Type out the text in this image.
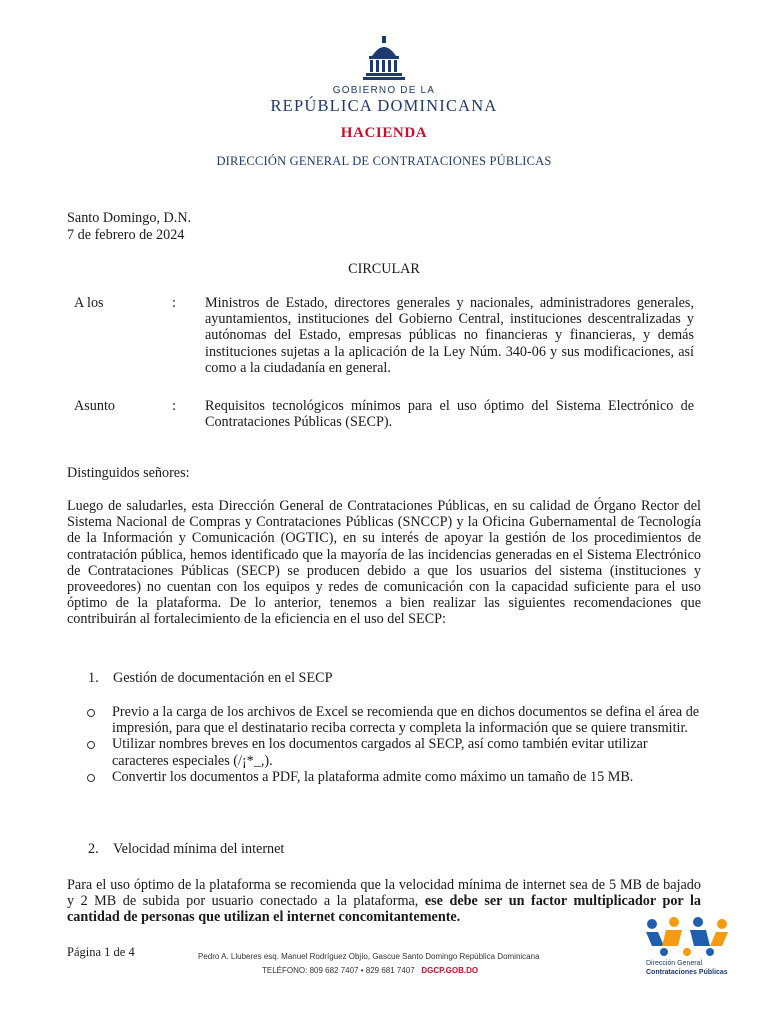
GOBIERNO DE LA
REPÚBLICA DOMINICANA
HACIENDA
DIRECCIÓN GENERAL DE CONTRATACIONES PÚBLICAS
Santo Domingo, D.N.
7 de febrero de 2024
CIRCULAR
A los	: Ministros de Estado, directores generales y nacionales, administradores generales, ayuntamientos, instituciones del Gobierno Central, instituciones descentralizadas y autónomas del Estado, empresas públicas no financieras y financieras, y demás instituciones sujetas a la aplicación de la Ley Núm. 340-06 y sus modificaciones, así como a la ciudadanía en general.
Asunto	: Requisitos tecnológicos mínimos para el uso óptimo del Sistema Electrónico de Contrataciones Públicas (SECP).
Distinguidos señores:
Luego de saludarles, esta Dirección General de Contrataciones Públicas, en su calidad de Órgano Rector del Sistema Nacional de Compras y Contrataciones Públicas (SNCCP) y la Oficina Gubernamental de Tecnología de la Información y Comunicación (OGTIC), en su interés de apoyar la gestión de los procedimientos de contratación pública, hemos identificado que la mayoría de las incidencias generadas en el Sistema Electrónico de Contrataciones Públicas (SECP) se producen debido a que los usuarios del sistema (instituciones y proveedores) no cuentan con los equipos y redes de comunicación con la capacidad suficiente para el uso óptimo de la plataforma. De lo anterior, tenemos a bien realizar las siguientes recomendaciones que contribuirán al fortalecimiento de la eficiencia en el uso del SECP:
1. Gestión de documentación en el SECP
Previo a la carga de los archivos de Excel se recomienda que en dichos documentos se defina el área de impresión, para que el destinatario reciba correcta y completa la información que se quiere transmitir.
Utilizar nombres breves en los documentos cargados al SECP, así como también evitar utilizar caracteres especiales (/¡*_,).
Convertir los documentos a PDF, la plataforma admite como máximo un tamaño de 15 MB.
2. Velocidad mínima del internet
Para el uso óptimo de la plataforma se recomienda que la velocidad mínima de internet sea de 5 MB de bajado y 2 MB de subida por usuario conectado a la plataforma, ese debe ser un factor multiplicador por la cantidad de personas que utilizan el internet concomitantemente.
Página 1 de 4	Pedro A. Lluberes esq. Manuel Rodríguez Objío, Gascue Santo Domingo República Dominicana
TELÉFONO: 809 682 7407 • 829 681 7407 DGCP.GOB.DO
Dirección General
Contrataciones Públicas
